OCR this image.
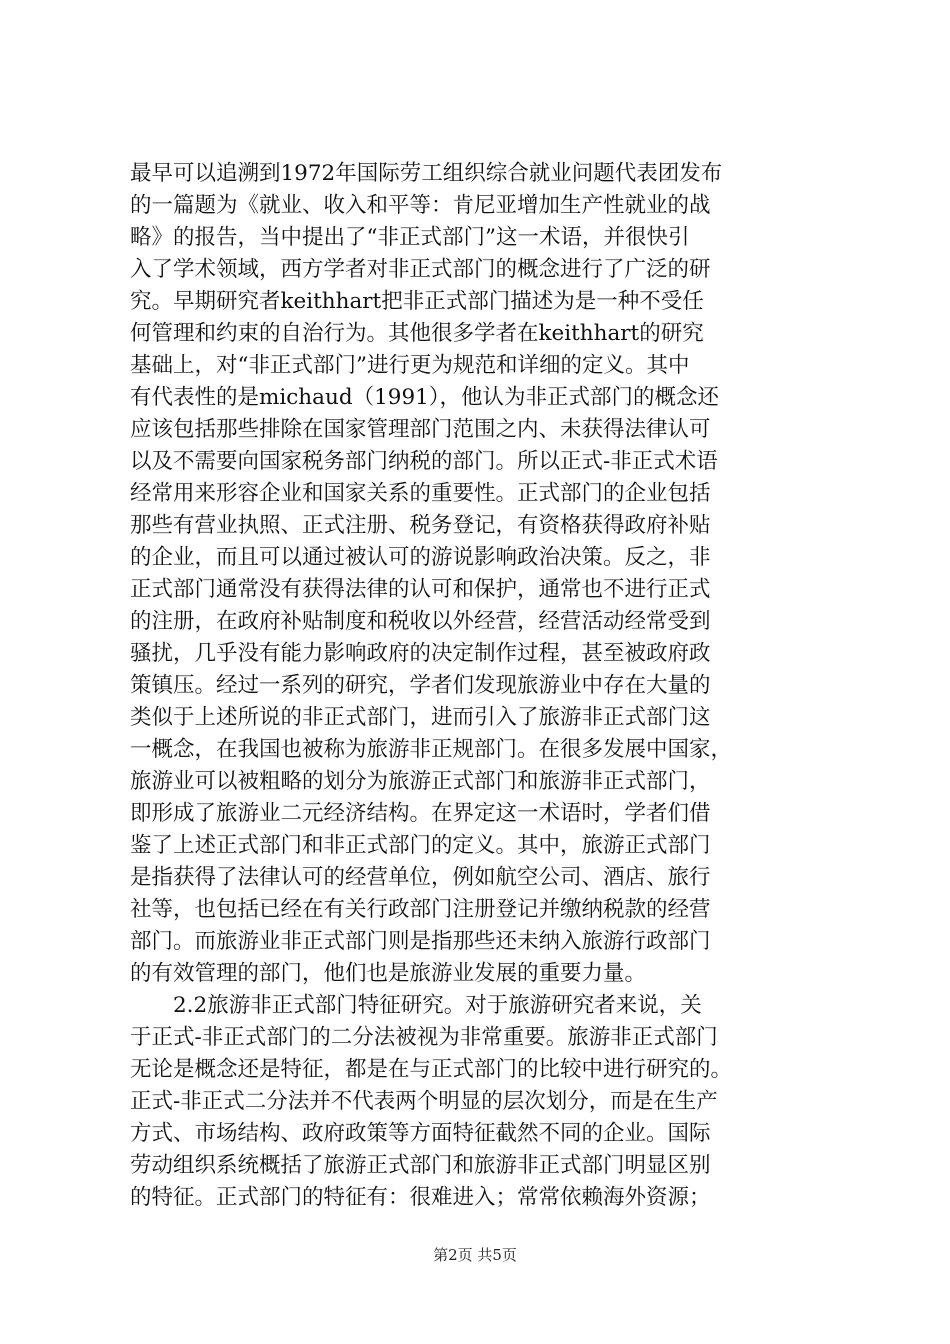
最早可以追溯到1972年国际劳工组织综合就业问题代表团发布
的一篇题为《就业、收入和平等：肯尼亚增加生产性就业的战
略》的报告，当中提出了“非正式部门”这一术语，并很快引
入了学术领域，西方学者对非正式部门的概念进行了广泛的研
究。早期研究者keithhart把非正式部门描述为是一种不受任
何管理和约束的自治行为。其他很多学者在keithhart的研究
基础上，对“非正式部门”进行更为规范和详细的定义。其中
有代表性的是michaud（1991），他认为非正式部门的概念还
应该包括那些排除在国家管理部门范围之内、未获得法律认可
以及不需要向国家税务部门纳税的部门。所以正式-非正式术语
经常用来形容企业和国家关系的重要性。正式部门的企业包括
那些有营业执照、正式注册、税务登记，有资格获得政府补贴
的企业，而且可以通过被认可的游说影响政治决策。反之，非
正式部门通常没有获得法律的认可和保护，通常也不进行正式
的注册，在政府补贴制度和税收以外经营，经营活动经常受到
骚扰，几乎没有能力影响政府的决定制作过程，甚至被政府政
策镇压。经过一系列的研究，学者们发现旅游业中存在大量的
类似于上述所说的非正式部门，进而引入了旅游非正式部门这
一概念，在我国也被称为旅游非正规部门。在很多发展中国家，
旅游业可以被粗略的划分为旅游正式部门和旅游非正式部门，
即形成了旅游业二元经济结构。在界定这一术语时，学者们借
鉴了上述正式部门和非正式部门的定义。其中，旅游正式部门
是指获得了法律认可的经营单位，例如航空公司、酒店、旅行
社等，也包括已经在有关行政部门注册登记并缴纳税款的经营
部门。而旅游业非正式部门则是指那些还未纳入旅游行政部门
的有效管理的部门，他们也是旅游业发展的重要力量。
2.2旅游非正式部门特征研究。对于旅游研究者来说，关
于正式-非正式部门的二分法被视为非常重要。旅游非正式部门
无论是概念还是特征，都是在与正式部门的比较中进行研究的。
正式-非正式二分法并不代表两个明显的层次划分，而是在生产
方式、市场结构、政府政策等方面特征截然不同的企业。国际
劳动组织系统概括了旅游正式部门和旅游非正式部门明显区别
的特征。正式部门的特征有：很难进入；常常依赖海外资源；
第2页 共5页
